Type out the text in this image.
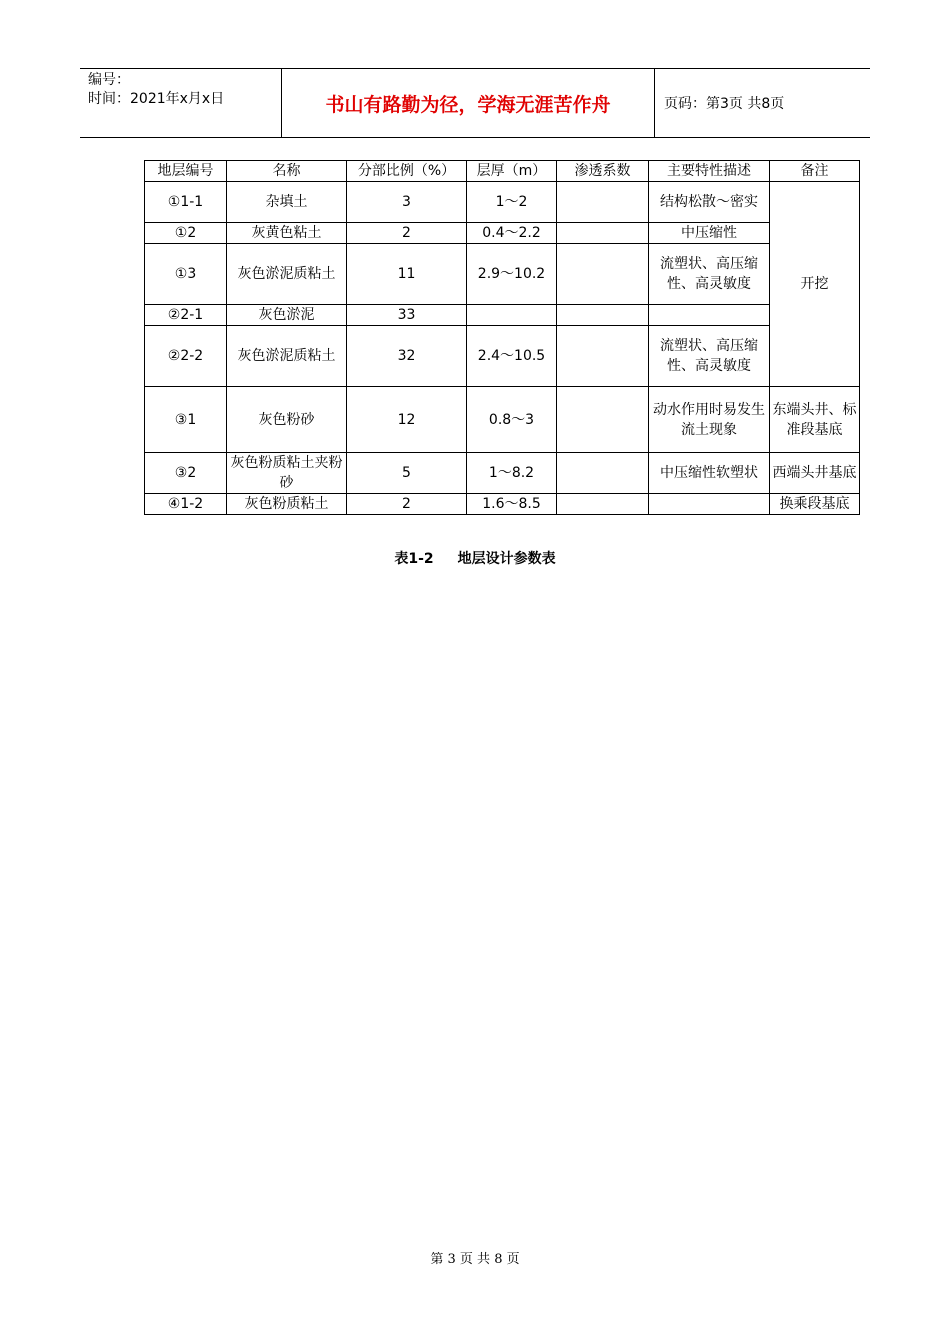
编号：
时间：2021年x月x日	书山有路勤为径，学海无涯苦作舟	页码：第3页 共8页
地层编号	名称	分部比例（%）	层厚（m）	渗透系数	主要特性描述	备注
①1-1	杂填土	3	1～2		结构松散～密实	开挖
①2	灰黄色粘土	2	0.4～2.2		中压缩性	
①3	灰色淤泥质粘土	11	2.9～10.2		流塑状、高压缩性、高灵敏度	
②2-1	灰色淤泥	33				
②2-2	灰色淤泥质粘土	32	2.4～10.5		流塑状、高压缩性、高灵敏度	
③1	灰色粉砂	12	0.8～3		动水作用时易发生流土现象	东端头井、标准段基底
③2	灰色粉质粘土夹粉砂	5	1～8.2		中压缩性软塑状	西端头井基底
④1-2	灰色粉质粘土	2	1.6～8.5			换乘段基底
表1-2 地层设计参数表
第 3 页 共 8 页
